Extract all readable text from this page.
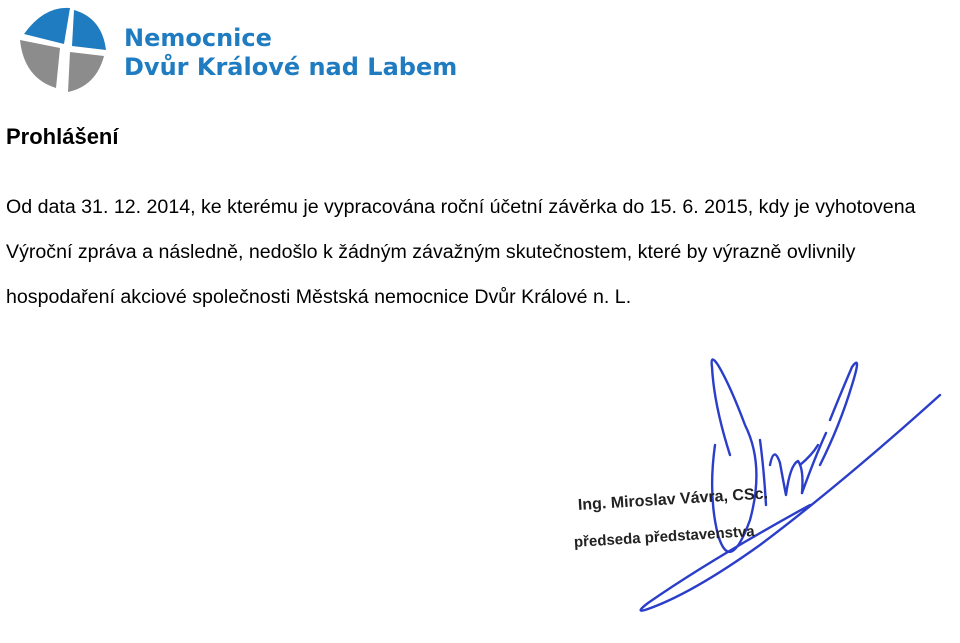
Nemocnice
Dvůr Králové nad Labem
Prohlášení

Od data 31. 12. 2014, ke kterému je vypracována roční účetní závěrka do 15. 6. 2015, kdy je vyhotovena Výroční zpráva a následně, nedošlo k žádným závažným skutečnostem, které by výrazně ovlivnily hospodaření akciové společnosti Městská nemocnice Dvůr Králové n. L.

Ing. Miroslav Vávra, CSc.
předseda představenstva
